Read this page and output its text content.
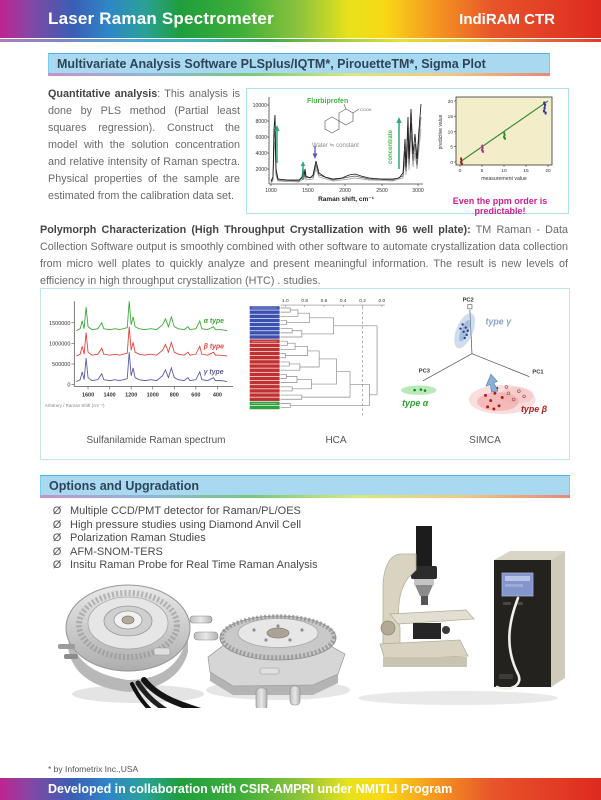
Laser Raman Spectrometer	IndiRAM CTR
Multivariate Analysis Software PLSplus/IQTM*, PirouetteTM*, Sigma Plot
Quantitative analysis: This analysis is done by PLS method (Partial least squares regression). Construct the model with the solution concentration and relative intensity of Raman spectra. Physical properties of the sample are estimated from the calibration data set.
10000
8000
6000
4000
2000
1000	1500	2000	2500	3000
Raman shift, cm⁻¹
COOH
Flurbiprofen
Water ≒ constant	concentrate
20
15
10
5
0
0	5	10	15	20
measurement value
predictive value
Even the ppm order is predictable!
Polymorph Characterization (High Throughput Crystallization with 96 well plate): TM Raman - Data Collection Software output is smoothly combined with other software to automate crystallization data collection from micro well plates to quickly analyze and present meaningful information. The result is new levels of efficiency in high throughput crystallization (HTC) . studies.
1500000
1000000
500000
0
1600 1400 1200 1000 800 600 400
α type
β type
γ type
Arbitrary / Raman Shift (cm⁻¹)
1.0	0.8	0.6	0.4	0.2	0.0	PC2
PC3	PC1
type γ
type α
type β
Sulfanilamide Raman spectrum	HCA	SIMCA
Options and Upgradation
Ø Multiple CCD/PMT detector for Raman/PL/OES
Ø High pressure studies using Diamond Anvil Cell
Ø Polarization Raman Studies
Ø AFM-SNOM-TERS
Ø Insitu Raman Probe for Real Time Raman Analysis
* by Infometrix Inc.,USA
Developed in collaboration with CSIR-AMPRI under NMITLI Program
